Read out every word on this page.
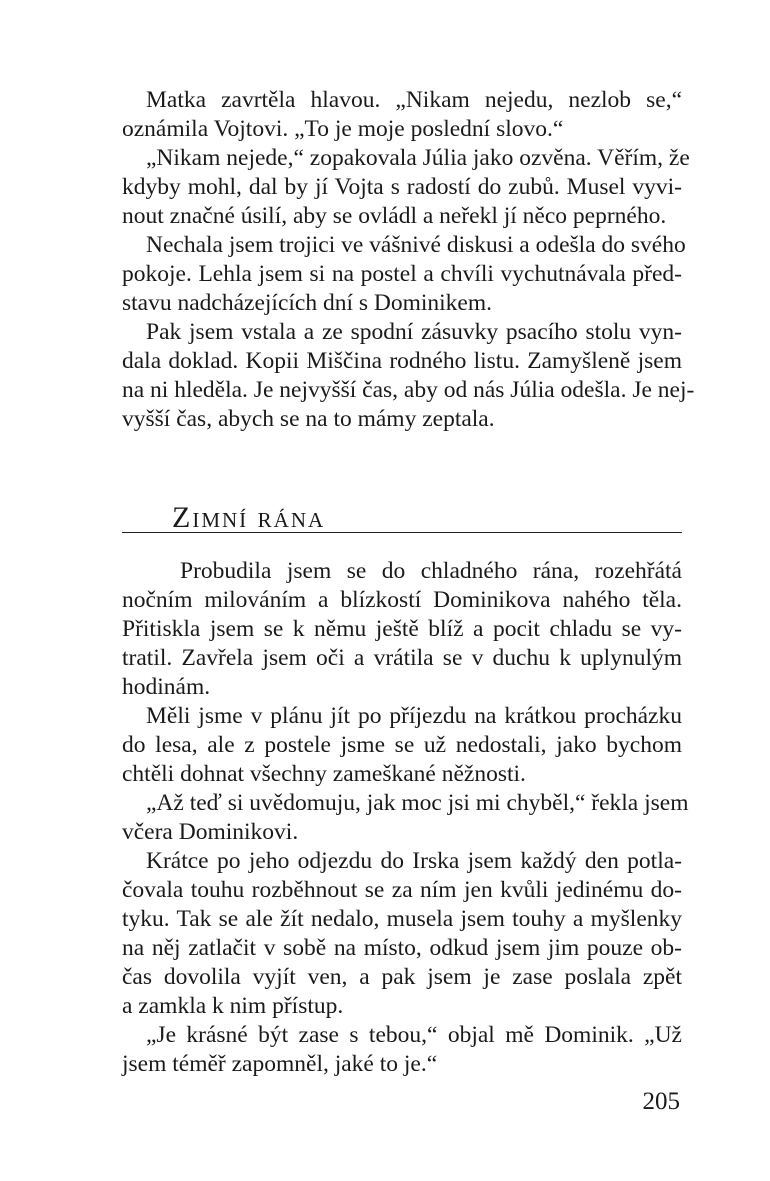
Matka zavrtěla hlavou. „Nikam nejedu, nezlob se,“
oznámila Vojtovi. „To je moje poslední slovo.“
„Nikam nejede,“ zopakovala Júlia jako ozvěna. Věřím, že
kdyby mohl, dal by jí Vojta s radostí do zubů. Musel vyvi-
nout značné úsilí, aby se ovládl a neřekl jí něco peprného.
Nechala jsem trojici ve vášnivé diskusi a odešla do svého
pokoje. Lehla jsem si na postel a chvíli vychutnávala před-
stavu nadcházejících dní s Dominikem.
Pak jsem vstala a ze spodní zásuvky psacího stolu vyn-
dala doklad. Kopii Miščina rodného listu. Zamyšleně jsem
na ni hleděla. Je nejvyšší čas, aby od nás Júlia odešla. Je nej-
vyšší čas, abych se na to mámy zeptala.
Zimní rána
Probudila jsem se do chladného rána, rozehřátá
nočním milováním a blízkostí Dominikova nahého těla.
Přitiskla jsem se k němu ještě blíž a pocit chladu se vy-
tratil. Zavřela jsem oči a vrátila se v duchu k uplynulým
hodinám.
Měli jsme v plánu jít po příjezdu na krátkou procházku
do lesa, ale z postele jsme se už nedostali, jako bychom
chtěli dohnat všechny zameškané něžnosti.
„Až teď si uvědomuju, jak moc jsi mi chyběl,“ řekla jsem
včera Dominikovi.
Krátce po jeho odjezdu do Irska jsem každý den potla-
čovala touhu rozběhnout se za ním jen kvůli jedinému do-
tyku. Tak se ale žít nedalo, musela jsem touhy a myšlenky
na něj zatlačit v sobě na místo, odkud jsem jim pouze ob-
čas dovolila vyjít ven, a pak jsem je zase poslala zpět
a zamkla k nim přístup.
„Je krásné být zase s tebou,“ objal mě Dominik. „Už
jsem téměř zapomněl, jaké to je.“
205
